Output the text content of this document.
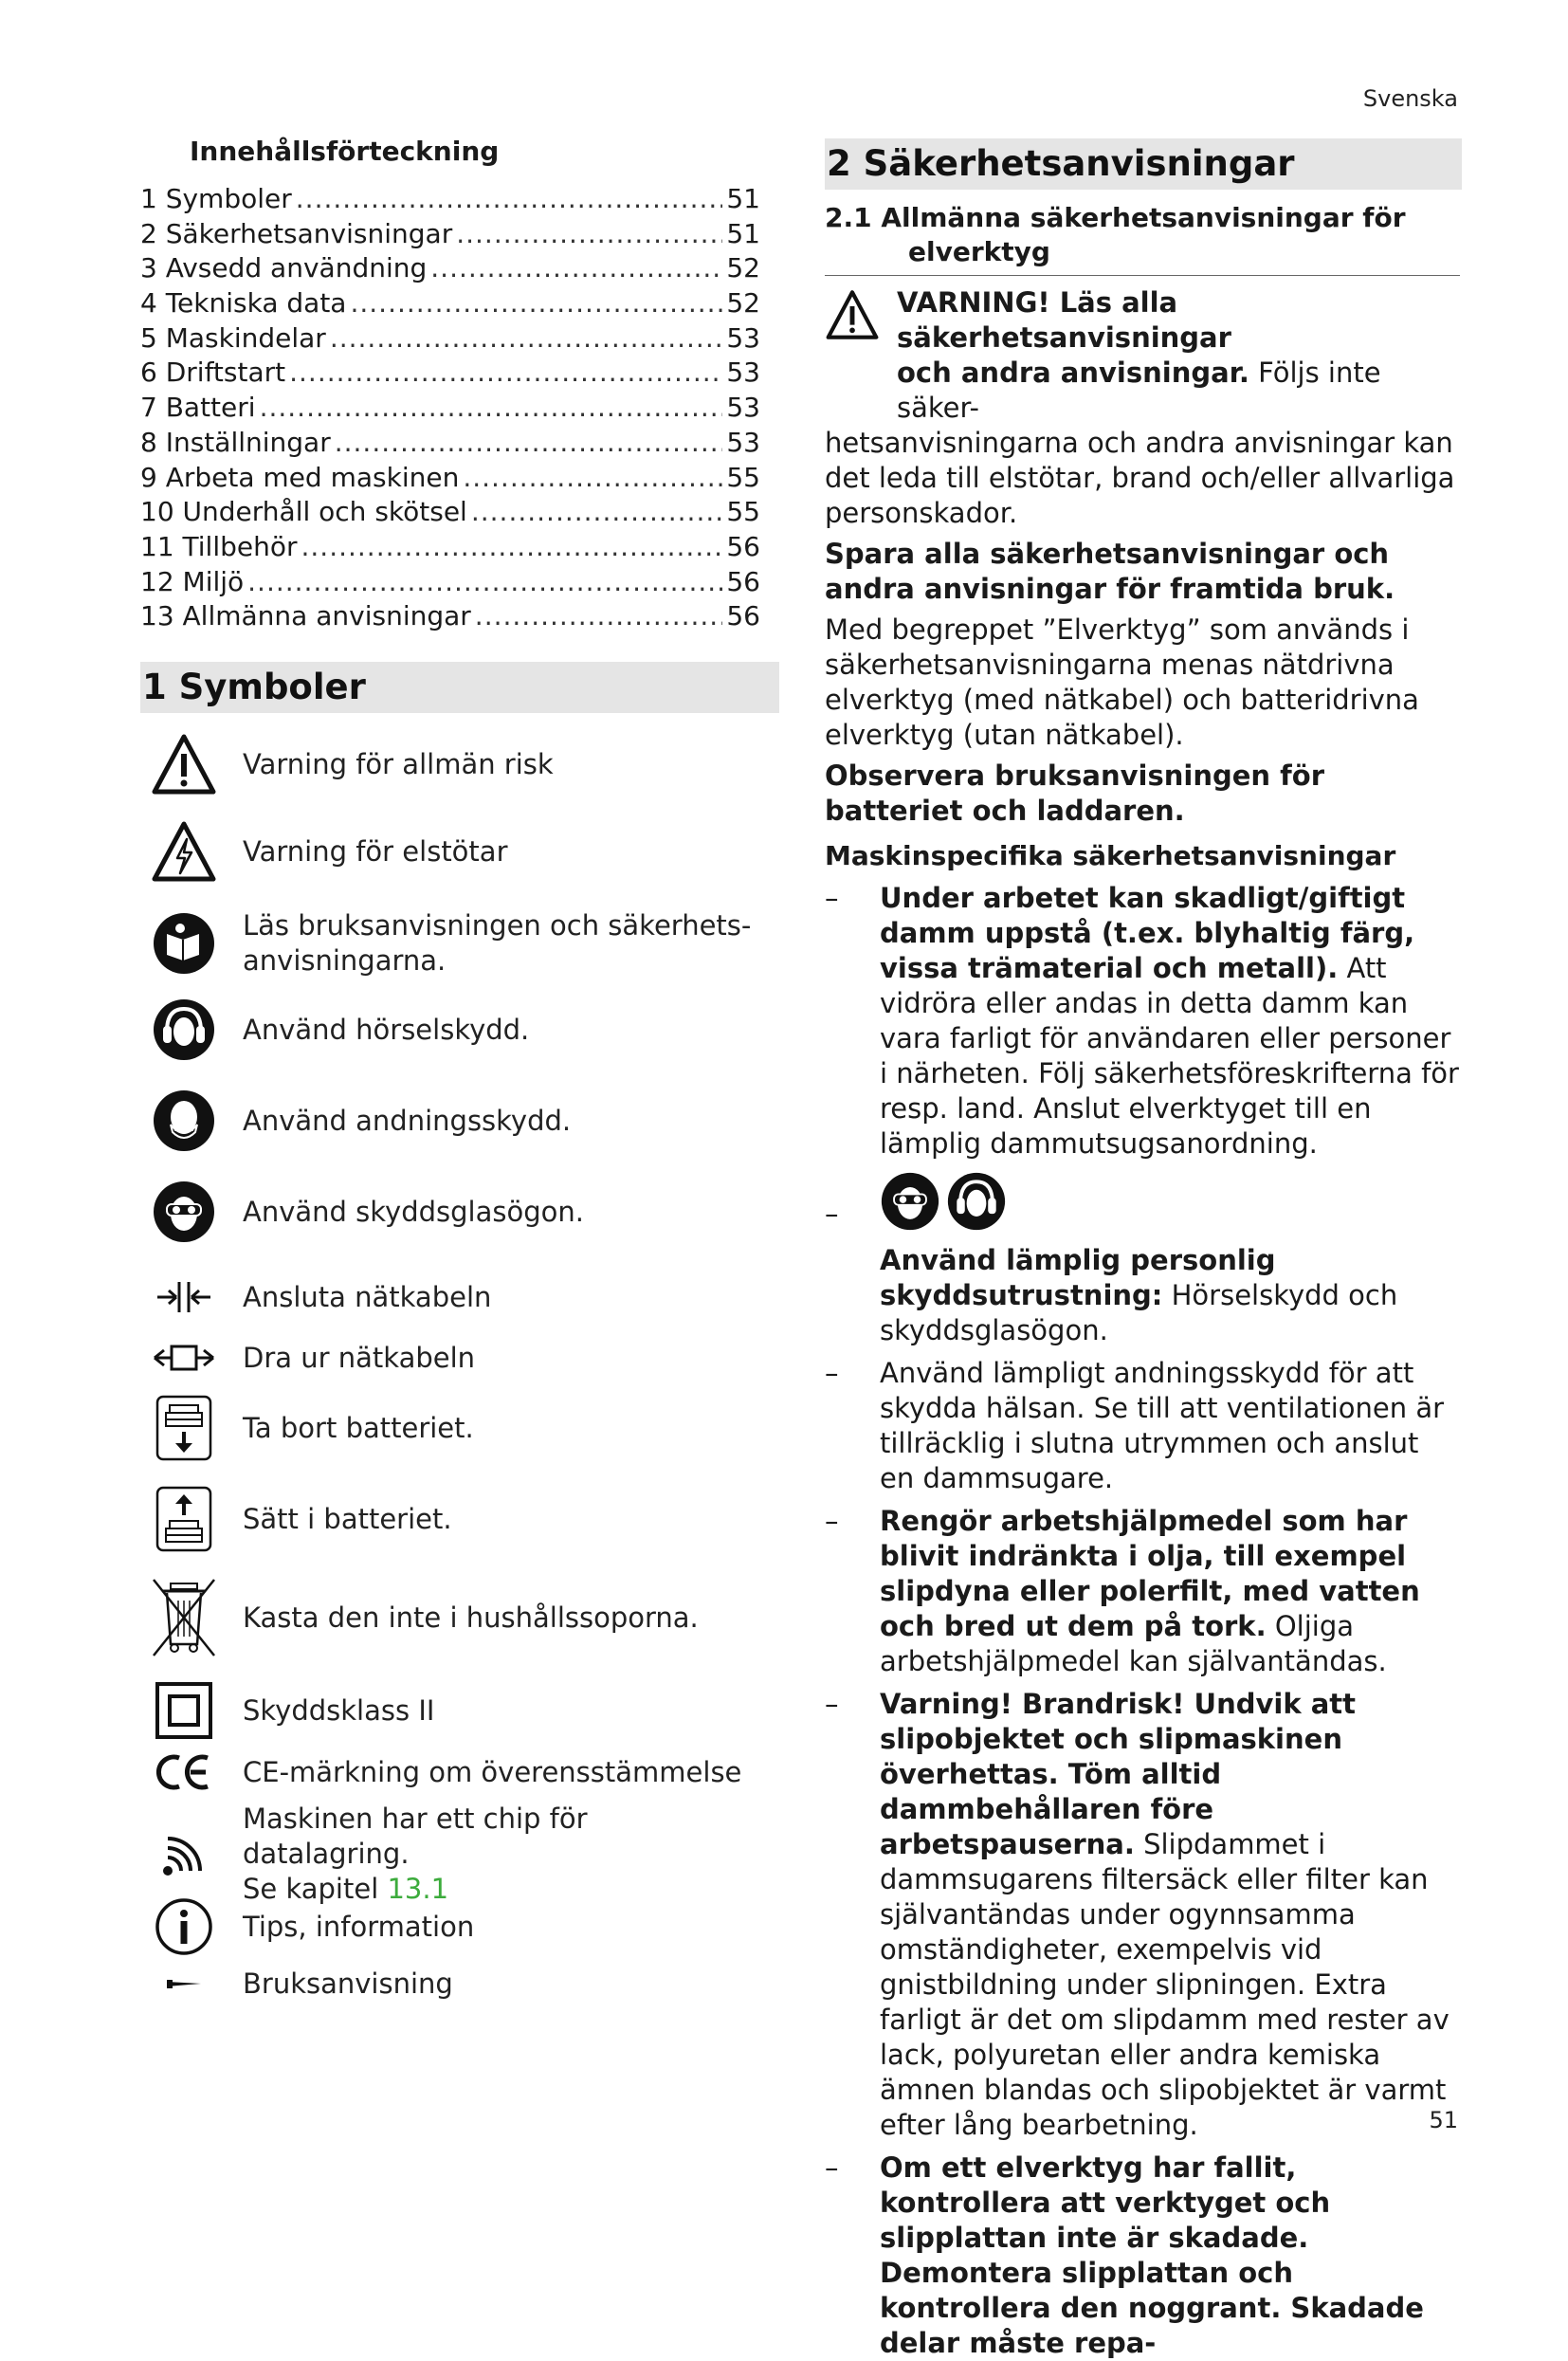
Svenska
Innehållsförteckning
1 Symboler .....	51
2 Säkerhetsanvisningar .....	51
3 Avsedd användning .....	52
4 Tekniska data .....	52
5 Maskindelar .....	53
6 Driftstart .....	53
7 Batteri .....	53
8 Inställningar .....	53
9 Arbeta med maskinen .....	55
10 Underhåll och skötsel .....	55
11 Tillbehör .....	56
12 Miljö .....	56
13 Allmänna anvisningar .....	56
1 Symboler
Varning för allmän risk
Varning för elstötar
Läs bruksanvisningen och säkerhets-
anvisningarna.
Använd hörselskydd.
Använd andningsskydd.
Använd skyddsglasögon.
Ansluta nätkabeln
Dra ur nätkabeln
Ta bort batteriet.
Sätt i batteriet.
Kasta den inte i hushållssoporna.
Skyddsklass II
CE-märkning om överensstämmelse
Maskinen har ett chip för datalagring.
Se kapitel 13.1
Tips, information
Bruksanvisning
2 Säkerhetsanvisningar
2.1 Allmänna säkerhetsanvisningar för
elverktyg
VARNING! Läs alla säkerhetsanvisningar
och andra anvisningar. Följs inte säker-
hetsanvisningarna och andra anvisningar kan det leda till elstötar, brand och/eller allvarliga personskador.
Spara alla säkerhetsanvisningar och andra anvisningar för framtida bruk.
Med begreppet ”Elverktyg” som används i säkerhetsanvisningarna menas nätdrivna elverktyg (med nätkabel) och batteridrivna elverktyg (utan nätkabel).
Observera bruksanvisningen för batteriet och laddaren.
Maskinspecifika säkerhetsanvisningar
– Under arbetet kan skadligt/giftigt damm uppstå (t.ex. blyhaltig färg, vissa trämaterial och metall). Att vidröra eller andas in detta damm kan vara farligt för användaren eller personer i närheten. Följ säkerhetsföreskrifterna för resp. land. Anslut elverktyget till en lämplig dammutsugsanordning.
–
Använd lämplig personlig skyddsutrustning: Hörselskydd och skyddsglasögon.
– Använd lämpligt andningsskydd för att skydda hälsan. Se till att ventilationen är tillräcklig i slutna utrymmen och anslut en dammsugare.
– Rengör arbetshjälpmedel som har blivit indränkta i olja, till exempel slipdyna eller polerfilt, med vatten och bred ut dem på tork. Oljiga arbetshjälpmedel kan självantändas.
– Varning! Brandrisk! Undvik att slipobjektet och slipmaskinen överhettas. Töm alltid dammbehållaren före arbetspauserna. Slipdammet i dammsugarens filtersäck eller filter kan självantändas under ogynnsamma omständigheter, exempelvis vid gnistbildning under slipningen. Extra farligt är det om slipdamm med rester av lack, polyuretan eller andra kemiska ämnen blandas och slipobjektet är varmt efter lång bearbetning.
– Om ett elverktyg har fallit, kontrollera att verktyget och slipplattan inte är skadade. Demontera slipplattan och kontrollera den noggrant. Skadade delar måste repa-
51
